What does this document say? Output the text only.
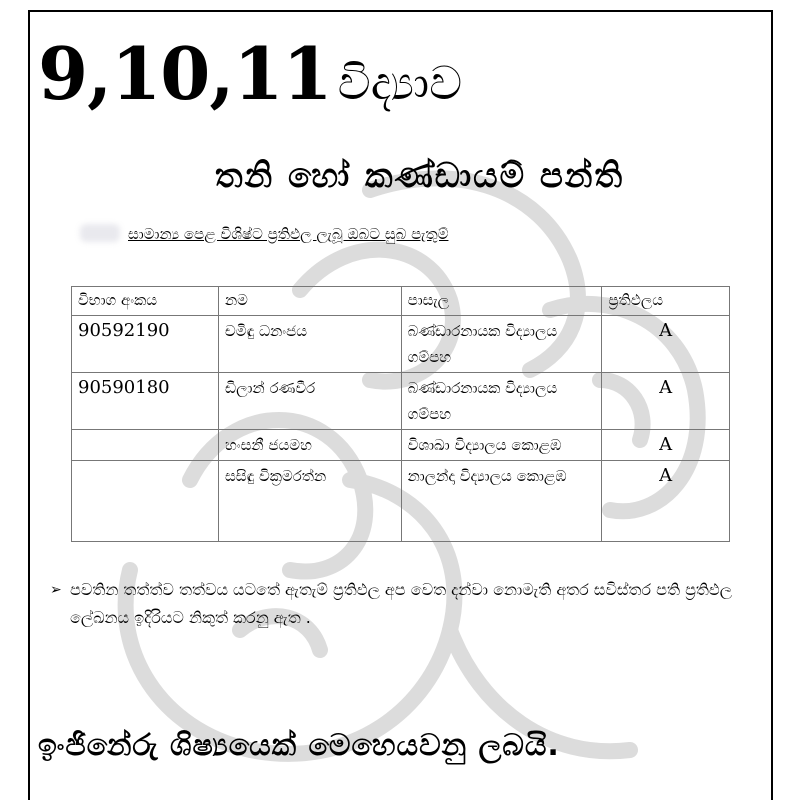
9,10,11 විද්‍යාව
තනි හෝ කණ්ඩායම් පන්ති
සාමාන්‍ය පෙළ විශිෂ්ට ප්‍රතිඵල ලැබූ ඔබට සුබ පැතුම්
විභාග අංකය	නම	පාසැල	ප්‍රතිඵලය
90592190	චමිඳු ධනංජය	බණ්ඩාරනායක විද්‍යාලය ගම්පහ	A
90590180	ඩිලාන් රණවීර	බණ්ඩාරනායක විද්‍යාලය ගම්පහ	A
	හංසනී ජයමහ	විශාඛා විද්‍යාලය කොළඹ	A
	සසිඳු වික්‍රමරත්න	නාලන්දා විද්‍යාලය කොළඹ	A
➢ පවතින තත්ත්ව තත්වය යටතේ ඇතැම් ප්‍රතිඵල අප වෙත දන්වා නොමැති අතර සවිස්තර පති ප්‍රතිඵල ලේඛනය ඉදිරියට නිකුත් කරනු ඇත .
ඉංජිනේරු ශිෂ්‍යයෙක් මෙහෙයවනු ලබයි.
